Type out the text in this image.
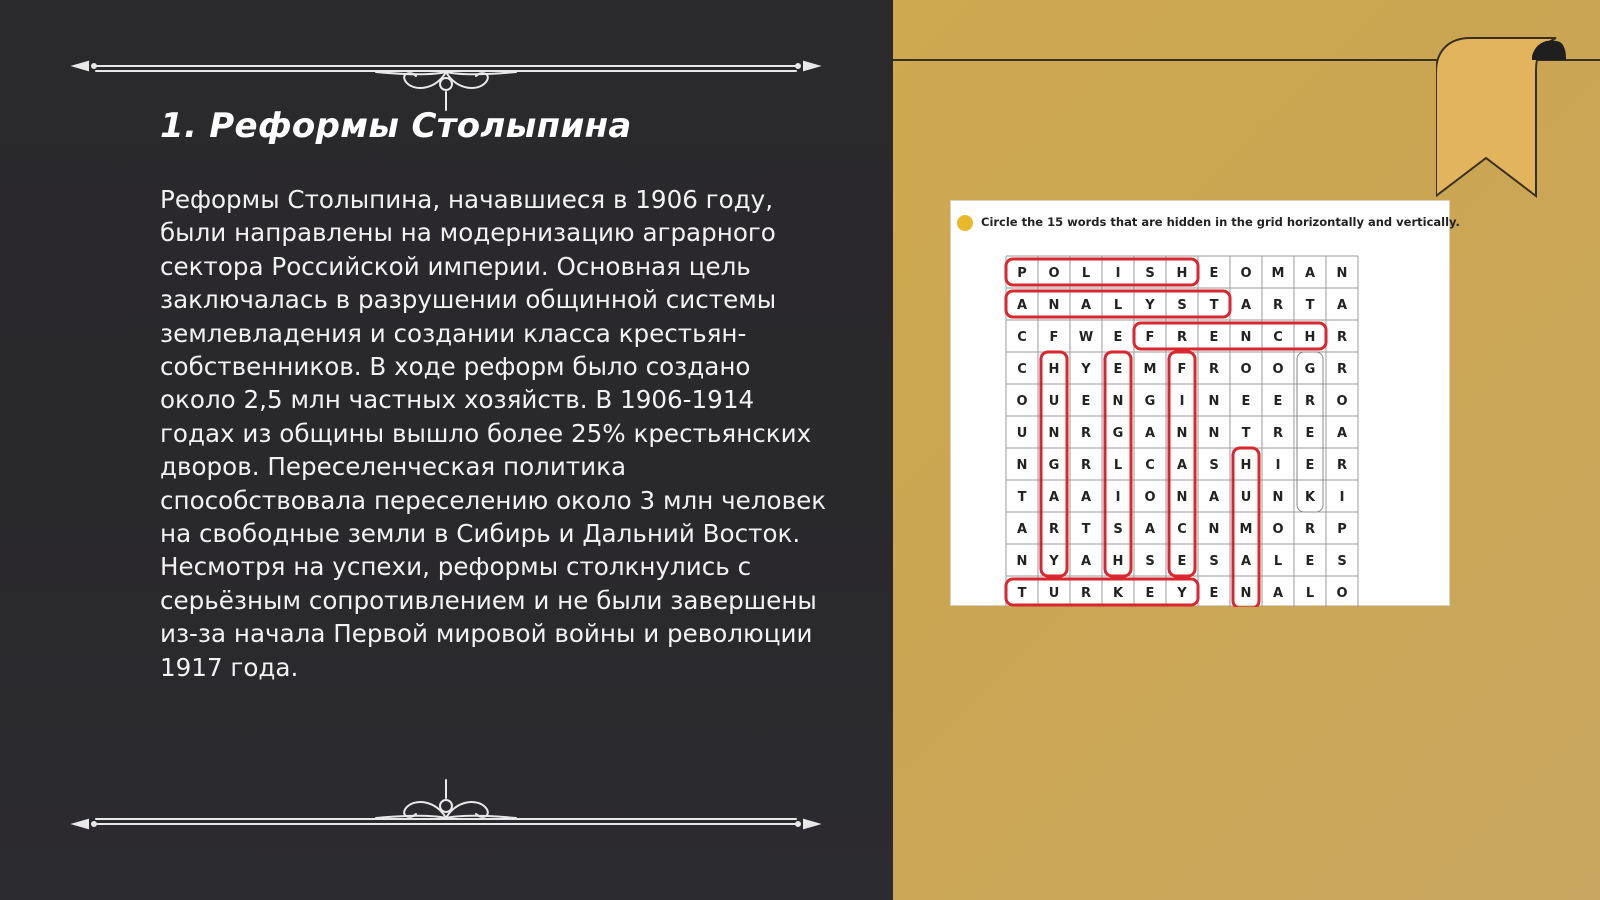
1. Реформы Столыпина

Реформы Столыпина, начавшиеся в 1906 году, были направлены на модернизацию аграрного сектора Российской империи. Основная цель заключалась в разрушении общинной системы землевладения и создании класса крестьян-собственников. В ходе реформ было создано около 2,5 млн частных хозяйств. В 1906-1914 годах из общины вышло более 25% крестьянских дворов. Переселенческая политика способствовала переселению около 3 млн человек на свободные земли в Сибирь и Дальний Восток. Несмотря на успехи, реформы столкнулись с серьёзным сопротивлением и не были завершены из-за начала Первой мировой войны и революции 1917 года.

Circle the 15 words that are hidden in the grid horizontally and vertically.
P O L I S H E O M A N
A N A L Y S T A R T A
C F W E F R E N C H R
C H Y E M F R O O G R
O U E N G I N E E R O
U N R G A N N T R E A
N G R L C A S H I E R
T A A I O N A U N K I
A R T S A C N M O R P
N Y A H S E S A L E S
T U R K E Y E N A L O
